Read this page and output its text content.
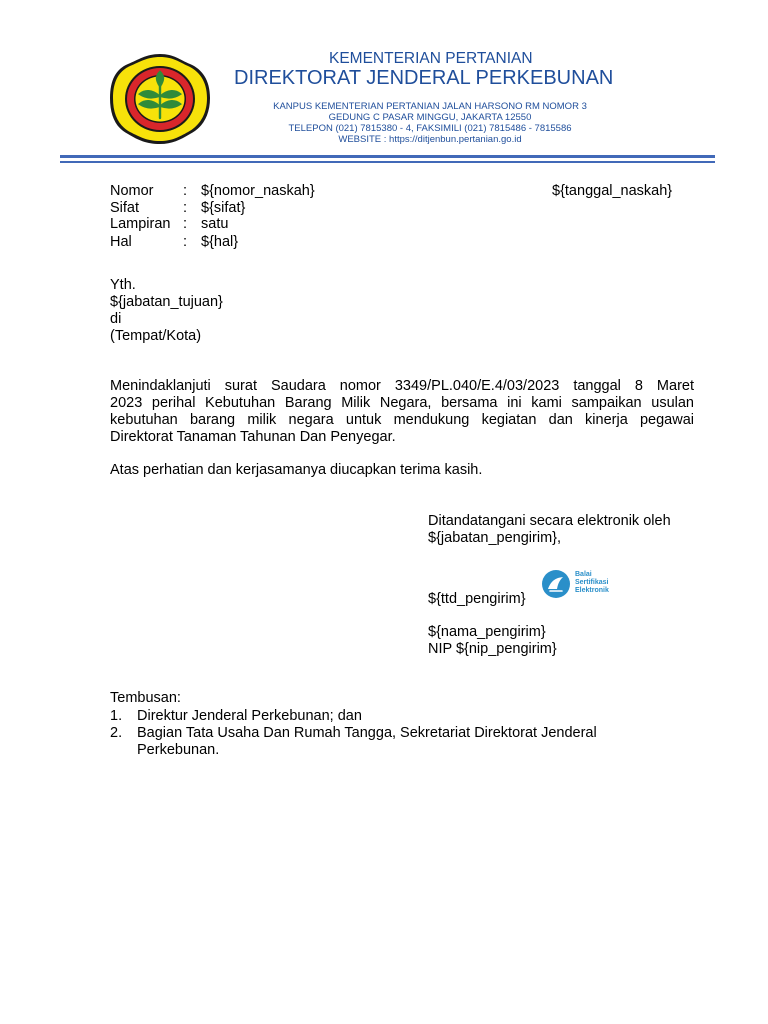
KEMENTERIAN PERTANIAN
DIREKTORAT JENDERAL PERKEBUNAN
KANPUS KEMENTERIAN PERTANIAN JALAN HARSONO RM NOMOR 3
GEDUNG C PASAR MINGGU, JAKARTA 12550
TELEPON (021) 7815380 - 4, FAKSIMILI (021) 7815486 - 7815586
WEBSITE : https://ditjenbun.pertanian.go.id
Nomor : ${nomor_naskah}	${tanggal_naskah}
Sifat	: ${sifat}
Lampiran : satu
Hal	: ${hal}
Yth.
${jabatan_tujuan}
di
(Tempat/Kota)
Menindaklanjuti surat Saudara nomor 3349/PL.040/E.4/03/2023 tanggal 8 Maret
2023 perihal Kebutuhan Barang Milik Negara, bersama ini kami sampaikan usulan
kebutuhan barang milik negara untuk mendukung kegiatan dan kinerja pegawai
Direktorat Tanaman Tahunan Dan Penyegar.
Atas perhatian dan kerjasamanya diucapkan terima kasih.
Ditandatangani secara elektronik oleh
${jabatan_pengirim},
Balai
Sertifikasi
Elektronik
${ttd_pengirim}
${nama_pengirim}
NIP ${nip_pengirim}
Tembusan:
1. Direktur Jenderal Perkebunan; dan
2. Bagian Tata Usaha Dan Rumah Tangga, Sekretariat Direktorat Jenderal
Perkebunan.
